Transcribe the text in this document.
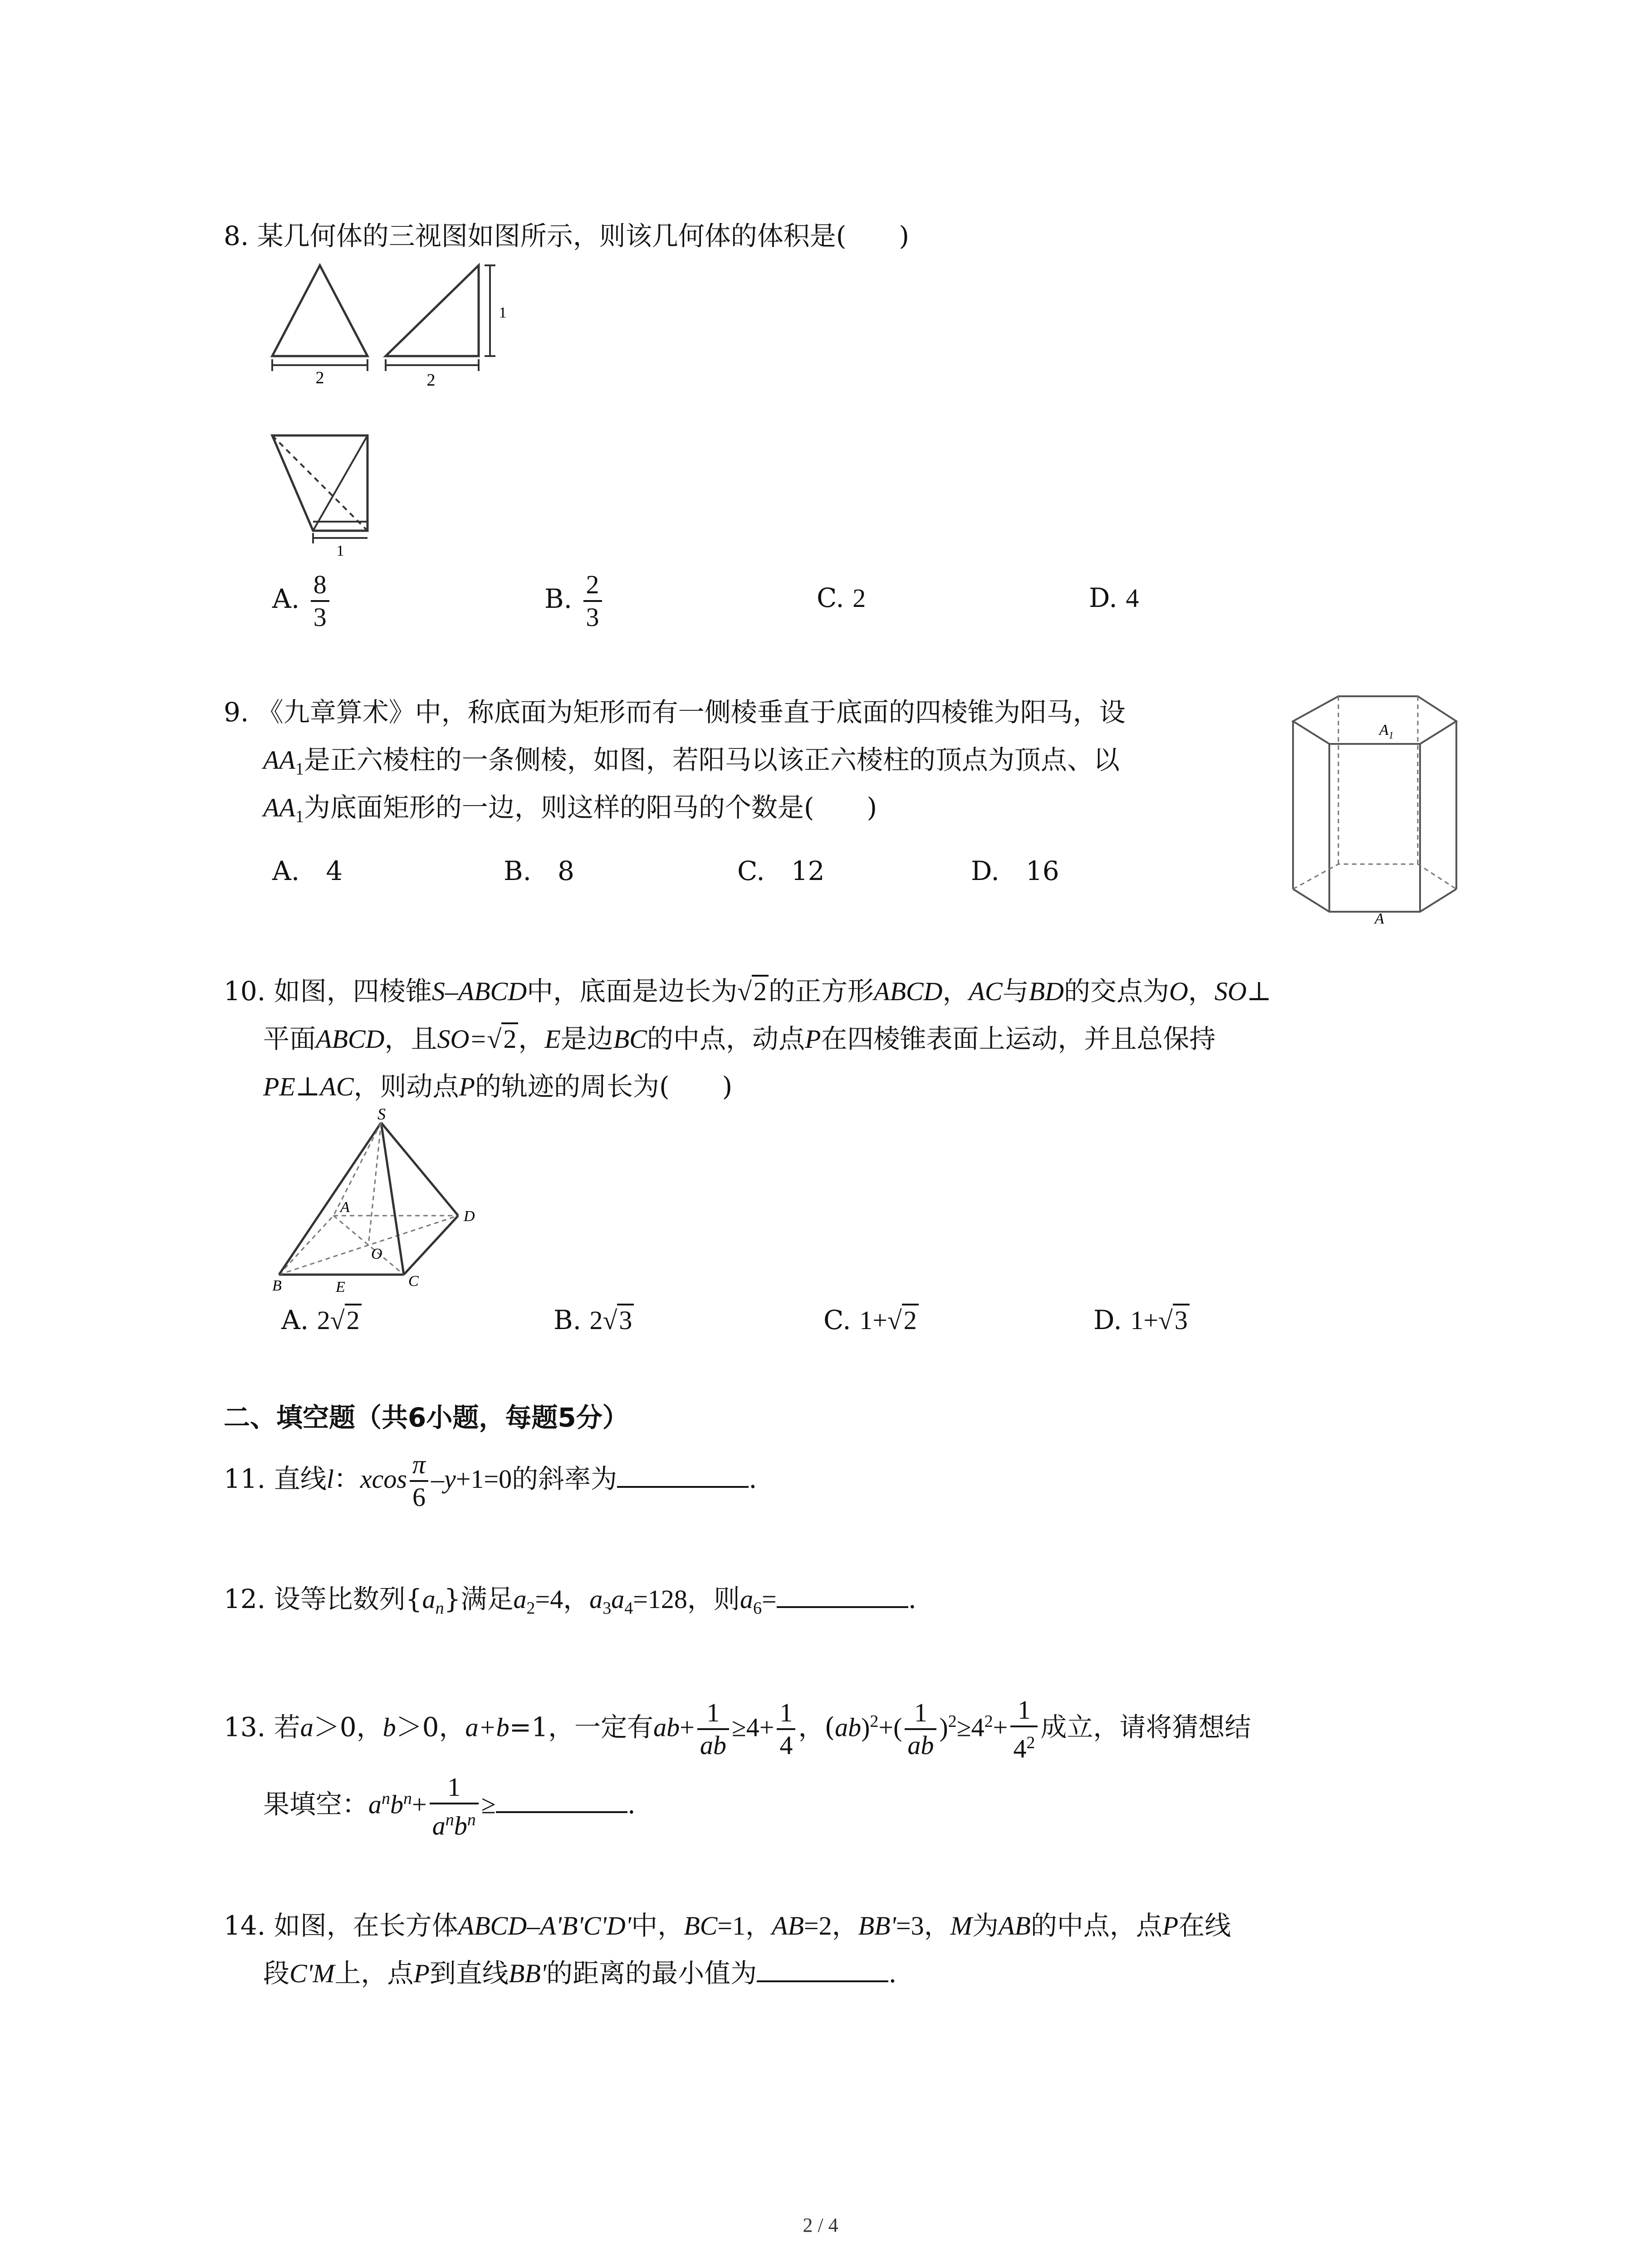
8. 某几何体的三视图如图所示，则该几何体的体积是(　　)
2	2
1
1
A. $\frac{8}{3}$	B. $\frac{2}{3}$	C. 2	D. 4
9. 《九章算术》中，称底面为矩形而有一侧棱垂直于底面的四棱锥为阳马，设
$AA_1$是正六棱柱的一条侧棱，如图，若阳马以该正六棱柱的顶点为顶点、以
$AA_1$为底面矩形的一边，则这样的阳马的个数是(　　)
A.　4	B.　8	C.　12	D.　16
$A_1$
A
10. 如图，四棱锥S–ABCD中，底面是边长为√2的正方形ABCD，AC与BD的交点为O，SO⊥
平面ABCD，且SO=√2，E是边BC的中点，动点P在四棱锥表面上运动，并且总保持
PE⊥AC，则动点P的轨迹的周长为(　　)
S
A
D
O
B	C
E
A. 2√2	B. 2√3	C. 1+√2	D. 1+√3
二、填空题（共6小题，每题5分）
11. 直线l：xcos $\frac{\pi}{6} -y+1=0$的斜率为	.
12. 设等比数列$\{a_n\}$满足$a_2=4$，$a_3a_4=128$，则$a_6=$	.
13. 若a＞0，b＞0，a+b=1，一定有$ab+ \frac{1}{ab} \ge 4+ \frac{1}{4}$ ，$(ab)^2+( \frac{1}{ab} )^2\ge 4^2+ \frac{1}{4^2}$ 成立，请将猜想结
果填空：$a^nb^n+ \frac{1}{a^nb^n}$ ≥	.
14. 如图，在长方体ABCD–A'B'C'D'中，BC=1，AB=2，BB'=3，M为AB的中点，点P在线
段C'M上，点P到直线BB'的距离的最小值为	.
2 / 4
